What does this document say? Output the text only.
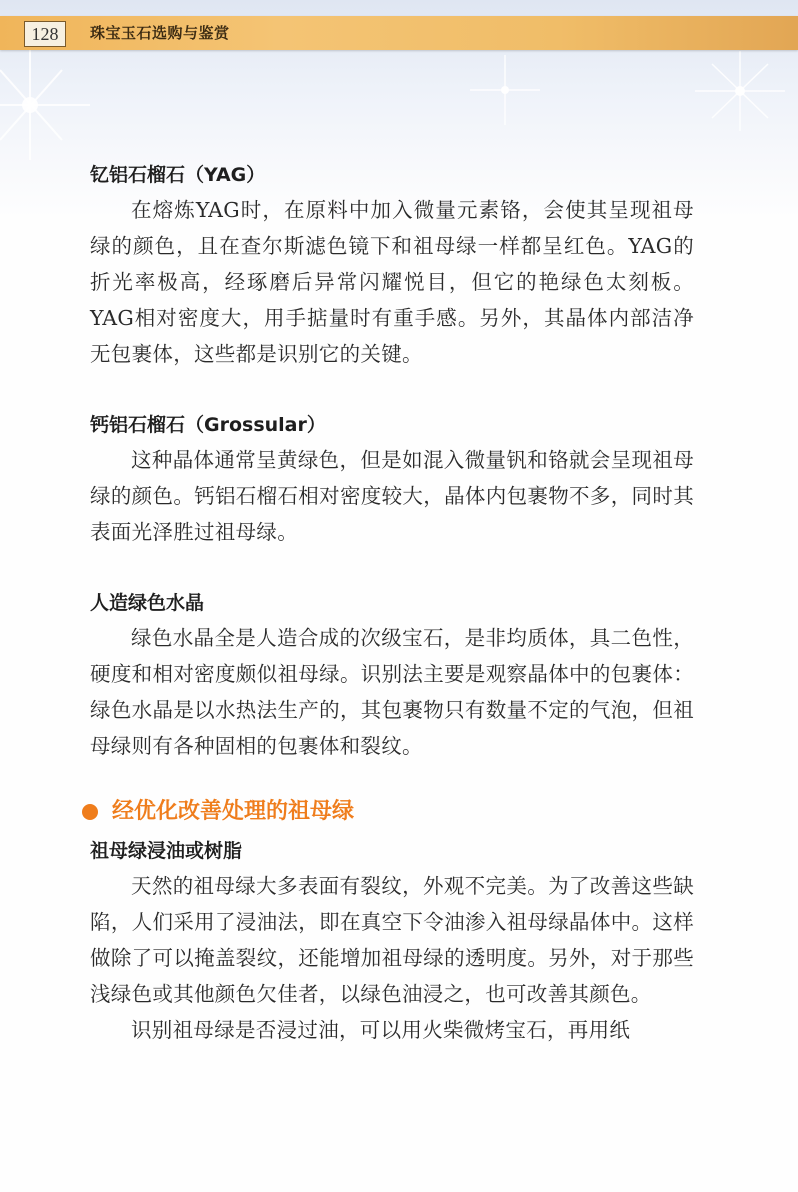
128	珠宝玉石选购与鉴赏
钇铝石榴石（YAG）

在熔炼YAG时，在原料中加入微量元素铬，会使其呈现祖母绿的颜色，且在查尔斯滤色镜下和祖母绿一样都呈红色。YAG的折光率极高，经琢磨后异常闪耀悦目，但它的艳绿色太刻板。YAG相对密度大，用手掂量时有重手感。另外，其晶体内部洁净无包裹体，这些都是识别它的关键。

钙铝石榴石（Grossular）

这种晶体通常呈黄绿色，但是如混入微量钒和铬就会呈现祖母绿的颜色。钙铝石榴石相对密度较大，晶体内包裹物不多，同时其表面光泽胜过祖母绿。

人造绿色水晶

绿色水晶全是人造合成的次级宝石，是非均质体，具二色性，硬度和相对密度颇似祖母绿。识别法主要是观察晶体中的包裹体：绿色水晶是以水热法生产的，其包裹物只有数量不定的气泡，但祖母绿则有各种固相的包裹体和裂纹。

经优化改善处理的祖母绿
祖母绿浸油或树脂

天然的祖母绿大多表面有裂纹，外观不完美。为了改善这些缺陷，人们采用了浸油法，即在真空下令油渗入祖母绿晶体中。这样做除了可以掩盖裂纹，还能增加祖母绿的透明度。另外，对于那些浅绿色或其他颜色欠佳者，以绿色油浸之，也可改善其颜色。

识别祖母绿是否浸过油，可以用火柴微烤宝石，再用纸
